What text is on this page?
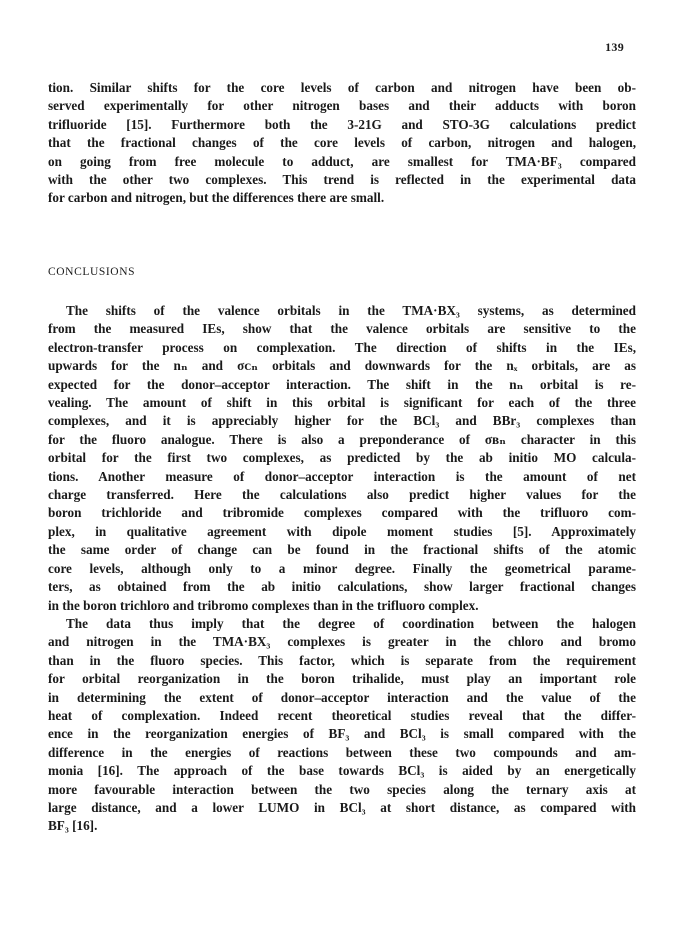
139

tion. Similar shifts for the core levels of carbon and nitrogen have been ob-
served experimentally for other nitrogen bases and their adducts with boron
trifluoride [15]. Furthermore both the 3-21G and STO-3G calculations predict
that the fractional changes of the core levels of carbon, nitrogen and halogen,
on going from free molecule to adduct, are smallest for TMA·BF₃ compared
with the other two complexes. This trend is reflected in the experimental data
for carbon and nitrogen, but the differences there are small.

CONCLUSIONS

The shifts of the valence orbitals in the TMA·BX₃ systems, as determined
from the measured IEs, show that the valence orbitals are sensitive to the
electron-transfer process on complexation. The direction of shifts in the IEs,
upwards for the nₙ and σᴄₙ orbitals and downwards for the nₓ orbitals, are as
expected for the donor–acceptor interaction. The shift in the nₙ orbital is re-
vealing. The amount of shift in this orbital is significant for each of the three
complexes, and it is appreciably higher for the BCl₃ and BBr₃ complexes than
for the fluoro analogue. There is also a preponderance of σʙₙ character in this
orbital for the first two complexes, as predicted by the ab initio MO calcula-
tions. Another measure of donor–acceptor interaction is the amount of net
charge transferred. Here the calculations also predict higher values for the
boron trichloride and tribromide complexes compared with the trifluoro com-
plex, in qualitative agreement with dipole moment studies [5]. Approximately
the same order of change can be found in the fractional shifts of the atomic
core levels, although only to a minor degree. Finally the geometrical parame-
ters, as obtained from the ab initio calculations, show larger fractional changes
in the boron trichloro and tribromo complexes than in the trifluoro complex.

The data thus imply that the degree of coordination between the halogen
and nitrogen in the TMA·BX₃ complexes is greater in the chloro and bromo
than in the fluoro species. This factor, which is separate from the requirement
for orbital reorganization in the boron trihalide, must play an important role
in determining the extent of donor–acceptor interaction and the value of the
heat of complexation. Indeed recent theoretical studies reveal that the differ-
ence in the reorganization energies of BF₃ and BCl₃ is small compared with the
difference in the energies of reactions between these two compounds and am-
monia [16]. The approach of the base towards BCl₃ is aided by an energetically
more favourable interaction between the two species along the ternary axis at
large distance, and a lower LUMO in BCl₃ at short distance, as compared with
BF₃ [16].
